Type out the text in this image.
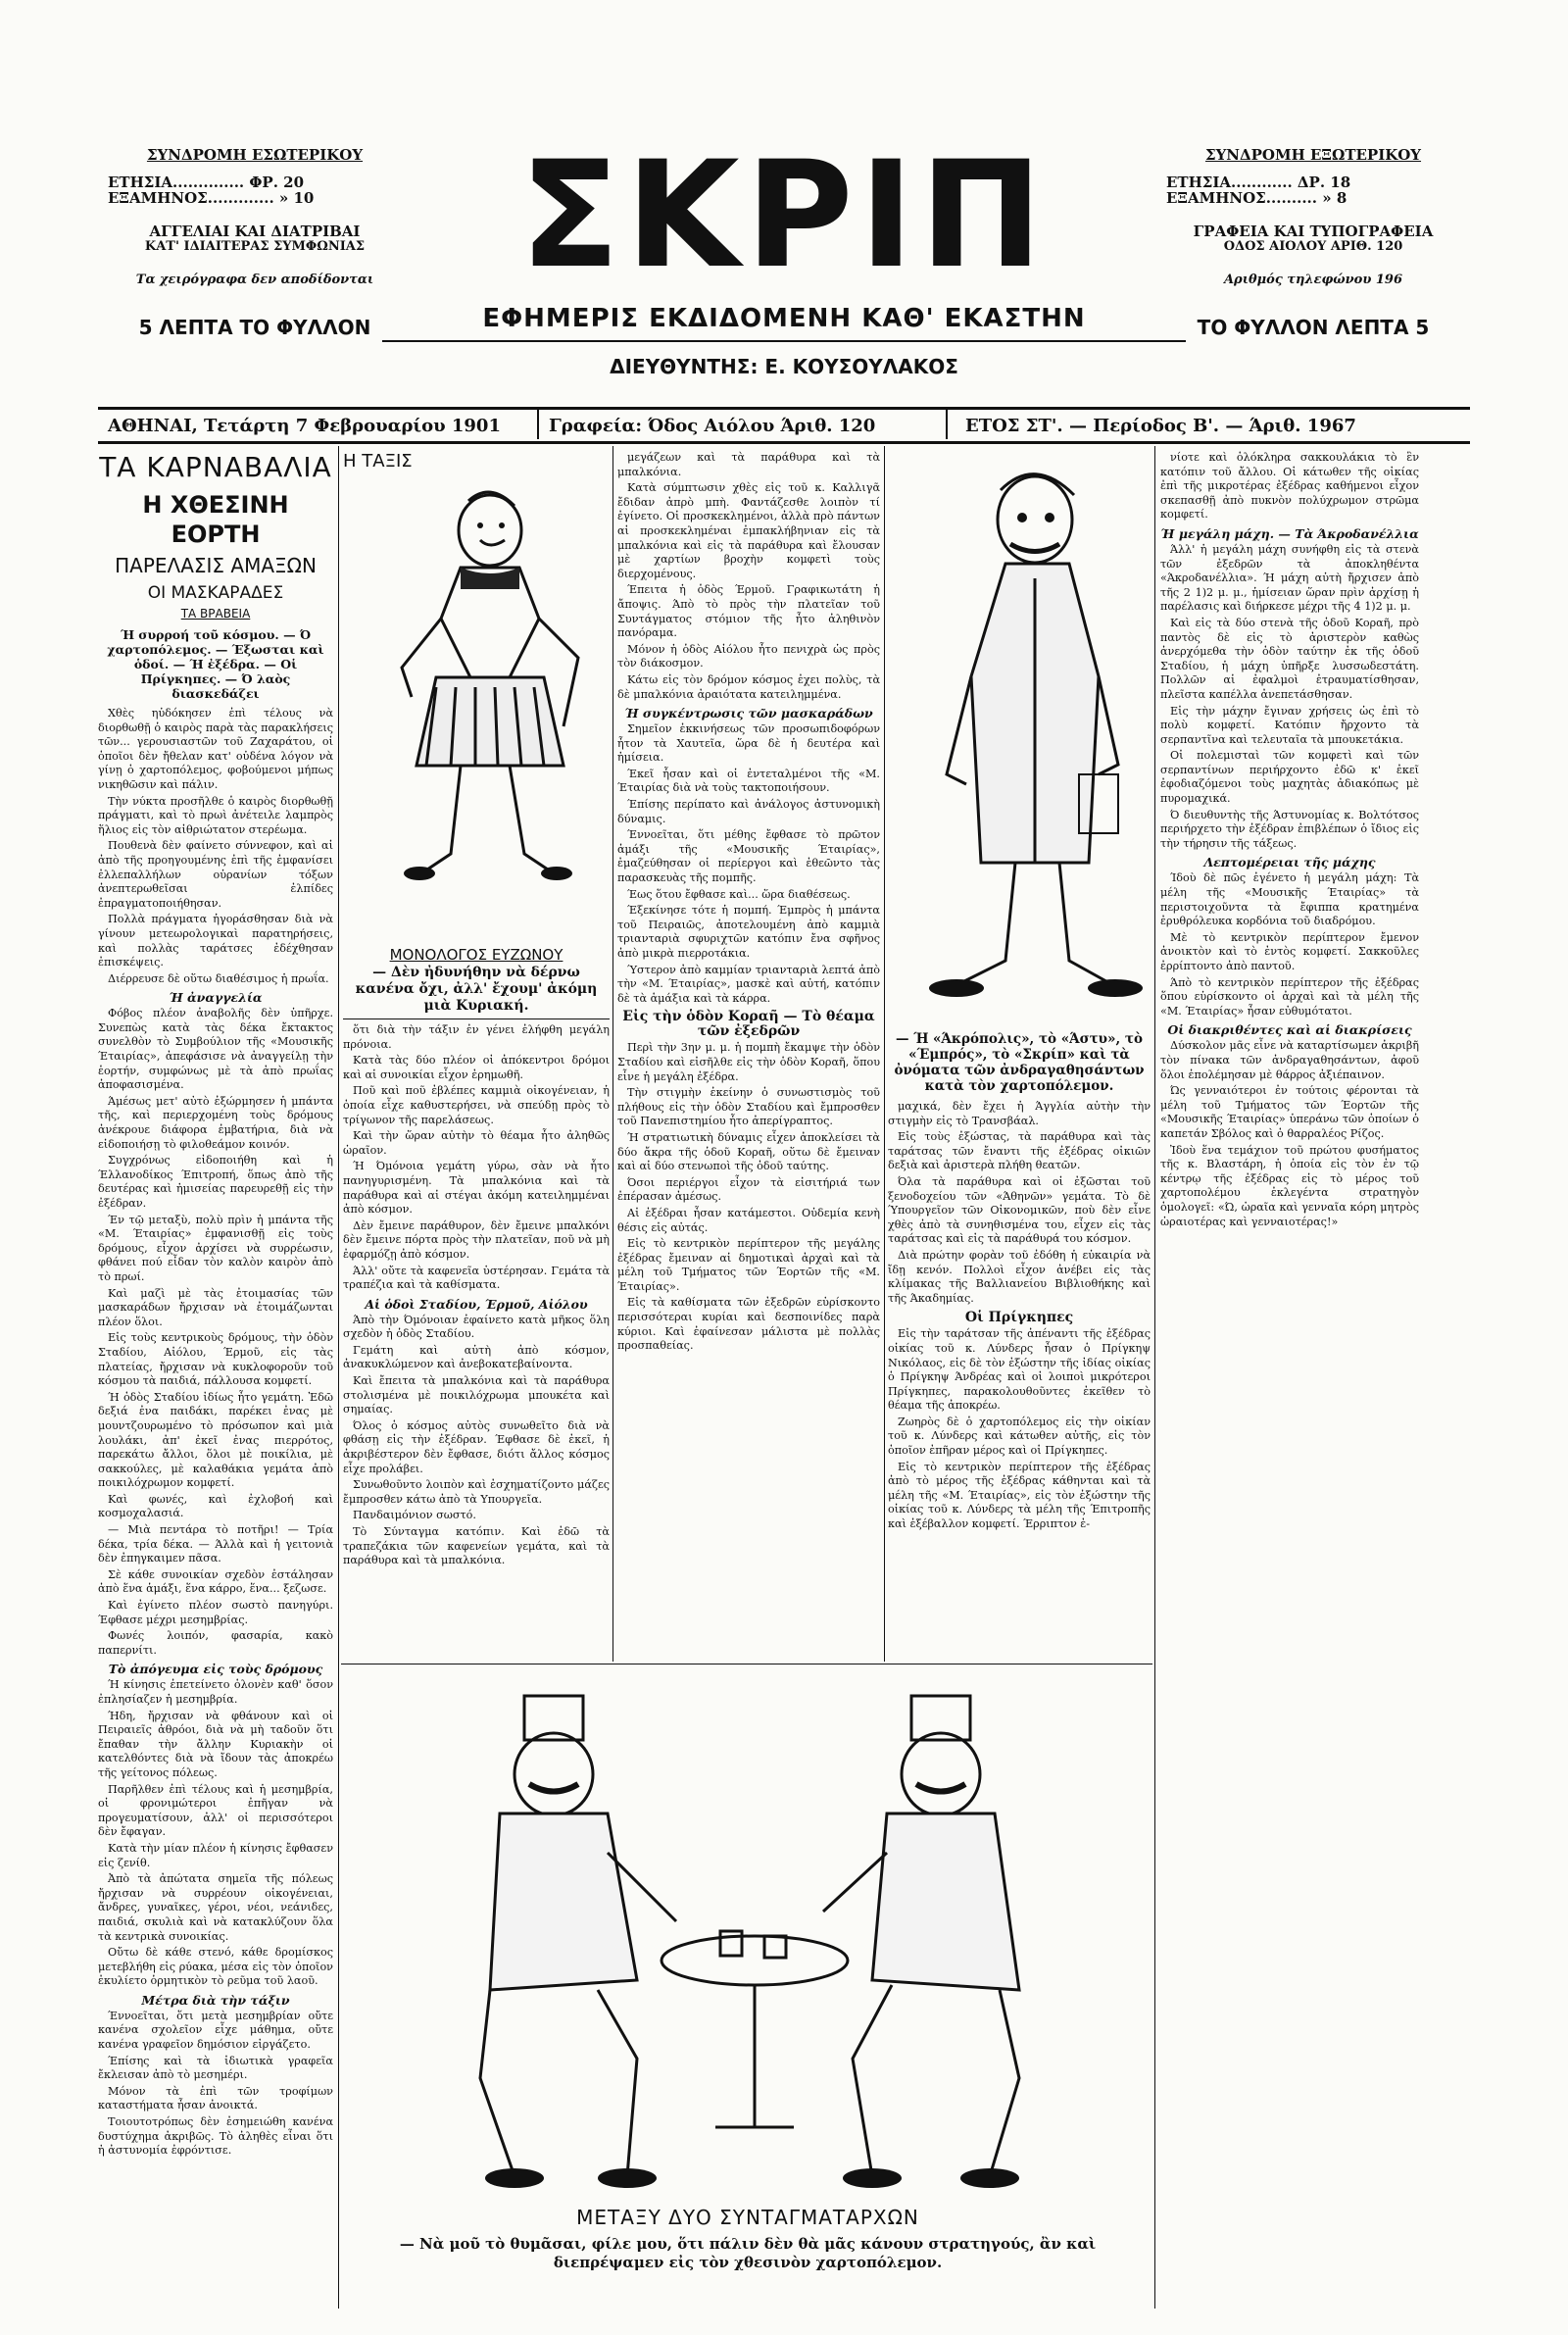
ΣΥΝΔΡΟΜΗ ΕΣΩΤΕΡΙΚΟΥ
ΕΤΗΣΙΑ.............. ΦΡ. 20
ΕΞΑΜΗΝΟΣ............. » 10
ΑΓΓΕΛΙΑΙ ΚΑΙ ΔΙΑΤΡΙΒΑΙ
ΚΑΤ' ΙΔΙΑΙΤΕΡΑΣ ΣΥΜΦΩΝΙΑΣ
Τα χειρόγραφα δεν αποδίδονται
5 ΛΕΠΤΑ ΤΟ ΦΥΛΛΟΝ
ΣΚΡΙΠ
ΕΦΗΜΕΡΙΣ ΕΚΔΙΔΟΜΕΝΗ ΚΑΘ' ΕΚΑΣΤΗΝ
ΔΙΕΥΘΥΝΤΗΣ: Ε. ΚΟΥΣΟΥΛΑΚΟΣ
ΣΥΝΔΡΟΜΗ ΕΞΩΤΕΡΙΚΟΥ
ΕΤΗΣΙΑ............ ΔΡ. 18
ΕΞΑΜΗΝΟΣ.......... » 8
ΓΡΑΦΕΙΑ ΚΑΙ ΤΥΠΟΓΡΑΦΕΙΑ
ΟΔΟΣ ΑΙΟΛΟΥ ΑΡΙΘ. 120
Αριθμός τηλεφώνου 196
ΤΟ ΦΥΛΛΟΝ ΛΕΠΤΑ 5
ΑΘΗΝΑΙ, Τετάρτη 7 Φεβρουαρίου 1901	Γραφεία: Όδος Αιόλου Άριθ. 120	ΕΤΟΣ ΣΤ'. — Περίοδος Β'. — Άριθ. 1967
ΤΑ ΚΑΡΝΑΒΑΛΙΑ
Η ΧΘΕΣΙΝΗ ΕΟΡΤΗ
ΠΑΡΕΛΑΣΙΣ ΑΜΑΞΩΝ
ΟΙ ΜΑΣΚΑΡΑΔΕΣ
ΤΑ ΒΡΑΒΕΙΑ
Ή συρροή τοῦ κόσμου. — Ό χαρτοπόλεμος. — Έξωσται καὶ ὁδοί. — Ή ἐξέδρα. — Οἱ Πρίγκηπες. — Ό λαὸς διασκεδάζει

Χθὲς ηὐδόκησεν ἐπὶ τέλους νὰ διορθωθῇ ὁ καιρὸς παρὰ τὰς παρακλήσεις τῶν... γερουσιαστῶν τοῦ Ζαχαράτου, οἱ ὁποῖοι δὲν ἤθελαν κατ' οὐδένα λόγον νὰ γίνῃ ὁ χαρτοπόλεμος, φοβούμενοι μήπως νικηθῶσιν καὶ πάλιν.

Τὴν νύκτα προσῆλθε ὁ καιρὸς διορθωθῇ πράγματι, καὶ τὸ πρωὶ ἀνέτειλε λαμπρὸς ἥλιος εἰς τὸν αἰθριώτατον στερέωμα.

Πουθενὰ δὲν φαίνετο σύννεφον, καὶ αἱ ἀπὸ τῆς προηγουμένης ἐπὶ τῆς ἐμφανίσει ἐλλεπαλλήλων οὐρανίων τόξων ἀνεπτερωθεῖσαι ἐλπίδες ἐπραγματοποιήθησαν.

Πολλὰ πράγματα ἠγοράσθησαν διὰ νὰ γίνουν μετεωρολογικαὶ παρατηρήσεις, καὶ πολλὰς ταράτσες ἐδέχθησαν ἐπισκέψεις.

Διέρρευσε δὲ οὕτω διαθέσιμος ἡ πρωΐα.

Ή ἀναγγελία

Φόβος πλέον ἀναβολῆς δὲν ὑπῆρχε. Συνεπὼς κατὰ τὰς δέκα ἔκτακτος συνελθὸν τὸ Συμβούλιον τῆς «Μουσικῆς Έταιρίας», ἀπεφάσισε νὰ ἀναγγείλῃ τὴν ἑορτήν, συμφώνως μὲ τὰ ἀπὸ πρωΐας ἀποφασισμένα.

Άμέσως μετ' αὐτὸ ἐξώρμησεν ἡ μπάντα τῆς, καὶ περιερχομένη τοὺς δρόμους ἀνέκρουε διάφορα ἐμβατήρια, διὰ νὰ εἰδοποιήσῃ τὸ φιλοθεάμον κοινόν.

Συγχρόνως εἰδοποιήθη καὶ ἡ Έλλανοδίκος Έπιτροπή, ὅπως ἀπὸ τῆς δευτέρας καὶ ἡμισείας παρευρεθῇ εἰς τὴν ἐξέδραν.

Έν τῷ μεταξὺ, πολὺ πρὶν ἡ μπάντα τῆς «Μ. Έταιρίας» ἐμφανισθῇ εἰς τοὺς δρόμους, εἶχον ἀρχίσει νὰ συρρέωσιν, φθάνει πού εἶδαν τὸν καλὸν καιρὸν ἀπὸ τὸ πρωί.

Καὶ μαζὶ μὲ τὰς ἐτοιμασίας τῶν μασκαράδων ἤρχισαν νὰ ἐτοιμάζωνται πλέον ὅλοι.

Εἰς τοὺς κεντρικοὺς δρόμους, τὴν ὁδὸν Σταδίου, Αἰόλου, Έρμοῦ, εἰς τὰς πλατείας, ἤρχισαν νὰ κυκλοφοροῦν τοῦ κόσμου τὰ παιδιά, πάλλουσα κομφετί.

Ή ὁδὸς Σταδίου ἰδίως ἦτο γεμάτη. Ἐδῶ δεξιά ἐνα παιδάκι, παρέκει ἐνας μὲ μουντζουρωμένο τὸ πρόσωπον καὶ μιὰ λουλάκι, ἀπ' ἐκεῖ ἐνας πιερρότος, παρεκάτω ἄλλοι, ὅλοι μὲ ποικίλια, μὲ σακκούλες, μὲ καλαθάκια γεμάτα ἀπὸ ποικιλόχρωμον κομφετί.

Καὶ φωνές, καὶ ἐχλοβοή καὶ κοσμοχαλασιά.

— Μιὰ πεντάρα τὸ ποτῆρι! — Τρία δέκα, τρία δέκα. — Άλλὰ καὶ ἡ γειτονιὰ δὲν ἐπηγκαιμεν πᾶσα.

Σὲ κάθε συνοικίαν σχεδὸν ἐστάλησαν ἀπὸ ἕνα ἁμάξι, ἕνα κάρρο, ἕνα... ξεζωσε.

Καὶ ἐγίνετο πλέον σωστὸ πανηγύρι. Έφθασε μέχρι μεσημβρίας.

Φωνές λοιπόν, φασαρία, κακὸ παπερνίτι.

Τὸ ἀπόγευμα εἰς τοὺς δρόμους

Ή κίνησις ἐπετείνετο ὁλονὲν καθ' ὅσον ἐπλησίαζεν ἡ μεσημβρία.

Ήδη, ἤρχισαν νὰ φθάνουν καὶ οἱ Πειραιεῖς ἀθρόοι, διὰ νὰ μὴ ταδοῦν ὅτι ἔπαθαν τὴν ἄλλην Κυριακὴν οἱ κατελθόντες διὰ νὰ ἴδουν τὰς ἀποκρέω τῆς γείτονος πόλεως.

Παρῆλθεν ἐπὶ τέλους καὶ ἡ μεσημβρία, οἱ φρονιμώτεροι ἐπῆγαν νὰ προγευματίσουν, ἀλλ' οἱ περισσότεροι δὲν ἔφαγαν.

Κατὰ τὴν μίαν πλέον ἡ κίνησις ἔφθασεν εἰς ζενίθ.

Ἀπὸ τὰ ἀπώτατα σημεῖα τῆς πόλεως ἤρχισαν νὰ συρρέουν οἰκογένειαι, ἄνδρες, γυναῖκες, γέροι, νέοι, νεάνιδες, παιδιά, σκυλιὰ καὶ νὰ κατακλύζουν ὅλα τὰ κεντρικὰ συνοικίας.

Οὔτω δὲ κάθε στενό, κάθε δρομίσκος μετεβλήθη εἰς ρύακα, μέσα εἰς τὸν ὁποῖον ἐκυλίετο ὁρμητικὸν τὸ ρεῦμα τοῦ λαοῦ.

Μέτρα διὰ τὴν τάξιν

Έννοεῖται, ὅτι μετὰ μεσημβρίαν οὔτε κανένα σχολεῖον εἶχε μάθημα, οὔτε κανένα γραφεῖον δημόσιον εἰργάζετο.

Έπίσης καὶ τὰ ἰδιωτικὰ γραφεῖα ἔκλεισαν ἀπὸ τὸ μεσημέρι.

Μόνον τὰ ἐπὶ τῶν τροφίμων καταστήματα ἦσαν ἀνοικτά.

Τοιουτοτρόπως δὲν ἐσημειώθη κανένα δυστύχημα ἀκριβῶς. Τὸ ἀληθὲς εἶναι ὅτι ἡ ἀστυνομία ἐφρόντισε.

Η ΤΑΞΙΣ
ΜΟΝΟΛΟΓΟΣ ΕΥΖΩΝΟΥ
— Δὲν ἠδυνήθην νὰ δέρνω κανένα ὄχι, ἀλλ' ἔχουμ' ἀκόμη μιὰ Κυριακή.

ὅτι διὰ τὴν τάξιν ἐν γένει ἐλήφθη μεγάλη πρόνοια.

Κατὰ τὰς δύο πλέον οἱ ἀπόκεντροι δρόμοι καὶ αἱ συνοικίαι εἶχον ἐρημωθῆ.

Ποῦ καὶ ποῦ ἐβλέπες καμμιὰ οἰκογένειαν, ἡ ὁποία εἶχε καθυστερήσει, νὰ σπεύδῃ πρὸς τὸ τρίγωνον τῆς παρελάσεως.

Καὶ τὴν ὥραν αὐτὴν τὸ θέαμα ἦτο ἀληθῶς ὡραῖον.

Ή Όμόνοια γεμάτη γύρω, σὰν νὰ ἦτο πανηγυρισμένη. Τὰ μπαλκόνια καὶ τὰ παράθυρα καὶ αἱ στέγαι ἀκόμη κατειλημμέναι ἀπὸ κόσμον.

Δὲν ἔμεινε παράθυρον, δὲν ἔμεινε μπαλκόνι δὲν ἔμεινε πόρτα πρὸς τὴν πλατεῖαν, ποῦ νὰ μὴ ἐφαρμόζῃ ἀπὸ κόσμον.

Άλλ' οὔτε τὰ καφενεῖα ὑστέρησαν. Γεμάτα τὰ τραπέζια καὶ τὰ καθίσματα.

Αἱ ὁδοὶ Σταδίου, Έρμοῦ, Αἰόλου

Άπὸ τὴν Όμόνοιαν ἐφαίνετο κατὰ μῆκος ὅλη σχεδὸν ἡ ὁδὸς Σταδίου.

Γεμάτη καὶ αὐτὴ ἀπὸ κόσμον, ἀνακυκλώμενον καὶ ἀνεβοκατεβαίνοντα.

Καὶ ἔπειτα τὰ μπαλκόνια καὶ τὰ παράθυρα στολισμένα μὲ ποικιλόχρωμα μπουκέτα καὶ σημαίας.

Όλος ὁ κόσμος αὐτὸς συνωθεῖτο διὰ νὰ φθάσῃ εἰς τὴν ἐξέδραν. Έφθασε δὲ ἐκεῖ, ἡ ἀκριβέστερον δὲν ἔφθασε, διότι ἄλλος κόσμος εἶχε προλάβει.

Συνωθοῦντο λοιπὸν καὶ ἐσχηματίζοντο μάζες ἔμπροσθεν κάτω ἀπὸ τὰ Υπουργεῖα.

Πανδαιμόνιον σωστό.

Τὸ Σύνταγμα κατόπιν. Καὶ ἐδῶ τὰ τραπεζάκια τῶν καφενείων γεμάτα, καὶ τὰ παράθυρα καὶ τὰ μπαλκόνια.

μεγάζεων καὶ τὰ παράθυρα καὶ τὰ μπαλκόνια.

Κατὰ σύμπτωσιν χθὲς εἰς τοῦ κ. Καλλιγᾶ ἔδιδαν ἀπρὸ μπὴ. Φαντάζεσθε λοιπὸν τί ἐγίνετο. Οἱ προσκεκλημένοι, ἀλλὰ πρὸ πάντων αἱ προσκεκλημέναι ἐμπακλήβηνιαν εἰς τὰ μπαλκόνια καὶ εἰς τὰ παράθυρα καὶ ἔλουσαν μὲ χαρτίων βροχὴν κομφετὶ τοὺς διερχομένους.

Έπειτα ἡ ὁδὸς Έρμοῦ. Γραφικωτάτη ἡ ἄποψις. Άπὸ τὸ πρὸς τὴν πλατεῖαν τοῦ Συντάγματος στόμιον τῆς ἦτο ἀληθινὸν πανόραμα.

Μόνον ἡ ὁδὸς Αἰόλου ἦτο πενιχρὰ ὡς πρὸς τὸν διάκοσμον.

Κάτω εἰς τὸν δρόμον κόσμος ἐχει πολὺς, τὰ δὲ μπαλκόνια ἀραιότατα κατειλημμένα.

Ή συγκέντρωσις τῶν μασκαράδων

Σημεῖον ἐκκινήσεως τῶν προσωπιδοφόρων ἦτον τὰ Χαυτεῖα, ὥρα δὲ ἡ δευτέρα καὶ ἡμίσεια.

Έκεῖ ἦσαν καὶ οἱ ἐντεταλμένοι τῆς «Μ. Έταιρίας διὰ νὰ τοὺς τακτοποιήσουν.

Έπίσης περίπατο καὶ ἀνάλογος ἀστυνομικὴ δύναμις.

Έννοεῖται, ὅτι μέθης ἔφθασε τὸ πρῶτον ἁμάξι τῆς «Μουσικῆς Έταιρίας», ἐμαζεύθησαν οἱ περίεργοι καὶ ἐθεῶντο τὰς παρασκευὰς τῆς πομπῆς.

Έως ὅτου ἔφθασε καὶ... ὥρα διαθέσεως.

Έξεκίνησε τότε ἡ πομπή. Έμπρὸς ἡ μπάντα τοῦ Πειραιῶς, ἀποτελουμένη ἀπὸ καμμιὰ τριανταριὰ σφυριχτῶν κατόπιν ἔνα σφῆνος ἀπὸ μικρὰ πιερροτάκια.

Ύστερον ἀπὸ καμμίαν τριανταριὰ λεπτά ἀπὸ τὴν «Μ. Έταιρίας», μασκὲ καὶ αὐτή, κατόπιν δὲ τὰ ἁμάξια καὶ τὰ κάρρα.

Εἰς τὴν ὁδὸν Κοραῆ — Τὸ θέαμα τῶν ἐξεδρῶν

Περὶ τὴν 3ην μ. μ. ἡ πομπὴ ἔκαμψε τὴν ὁδὸν Σταδίου καὶ εἰσῆλθε εἰς τὴν ὁδὸν Κοραῆ, ὅπου εἶνε ἡ μεγάλη ἐξέδρα.

Τὴν στιγμὴν ἐκείνην ὁ συνωστισμὸς τοῦ πλήθους εἰς τὴν ὁδὸν Σταδίου καὶ ἔμπροσθεν τοῦ Πανεπιστημίου ἦτο ἀπερίγραπτος.

Ή στρατιωτικὴ δύναμις εἶχεν ἀποκλείσει τὰ δύο ἄκρα τῆς ὁδοῦ Κοραῆ, οὕτω δὲ ἔμειναν καὶ αἱ δύο στενωποὶ τῆς ὁδοῦ ταύτης.

Όσοι περιέργοι εἶχον τὰ εἰσιτήριά των ἐπέρασαν ἀμέσως.

Αἱ ἐξέδραι ἦσαν κατάμεστοι. Οὐδεμία κενὴ θέσις εἰς αὐτάς.

Εἰς τὸ κεντρικὸν περίπτερον τῆς μεγάλης ἐξέδρας ἔμειναν αἱ δημοτικαὶ ἀρχαὶ καὶ τὰ μέλη τοῦ Τμήματος τῶν Έορτῶν τῆς «Μ. Έταιρίας».

Εἰς τὰ καθίσματα τῶν ἐξεδρῶν εὑρίσκοντο περισσότεραι κυρίαι καὶ δεσποινίδες παρὰ κύριοι. Καὶ ἐφαίνεσαν μάλιστα μὲ πολλὰς προσπαθείας.

— Ή «Άκρόπολις», τὸ «Άστυ», τὸ «Έμπρός», τὸ «Σκρίπ» καὶ τὰ ὀνόματα τῶν ἀνδραγαθησάντων κατὰ τὸν χαρτοπόλεμον.

μαχικά, δὲν ἔχει ἡ Άγγλία αὐτὴν τὴν στιγμὴν εἰς τὸ Τρανσβάαλ.

Εἰς τοὺς ἐξώστας, τὰ παράθυρα καὶ τὰς ταράτσας τῶν ἔναντι τῆς ἐξέδρας οἰκιῶν δεξιὰ καὶ ἀριστερὰ πλήθη θεατῶν.

Όλα τὰ παράθυρα καὶ οἱ ἐξῶσται τοῦ ξενοδοχείου τῶν «Άθηνῶν» γεμάτα. Τὸ δὲ Ύπουργεῖον τῶν Οἰκονομικῶν, ποὺ δὲν εἶνε χθὲς ἀπὸ τὰ συνηθισμένα του, εἶχεν εἰς τὰς ταράτσας καὶ εἰς τὰ παράθυρά του κόσμον.

Διὰ πρώτην φορὰν τοῦ ἐδόθη ἡ εὐκαιρία νὰ ἴδῃ κενόν. Πολλοὶ εἶχον ἀνέβει εἰς τὰς κλίμακας τῆς Βαλλιανείου Βιβλιοθήκης καὶ τῆς Άκαδημίας.

Οἱ Πρίγκηπες

Εἰς τὴν ταράτσαν τῆς ἀπέναντι τῆς ἐξέδρας οἰκίας τοῦ κ. Λύνδερς ἦσαν ὁ Πρίγκηψ Νικόλαος, εἰς δὲ τὸν ἐξώστην τῆς ἰδίας οἰκίας ὁ Πρίγκηψ Άνδρέας καὶ οἱ λοιποὶ μικρότεροι Πρίγκηπες, παρακολουθοῦντες ἐκεῖθεν τὸ θέαμα τῆς ἀποκρέω.

Ζωηρὸς δὲ ὁ χαρτοπόλεμος εἰς τὴν οἰκίαν τοῦ κ. Λύνδερς καὶ κάτωθεν αὐτῆς, εἰς τὸν ὁποῖον ἐπῆραν μέρος καὶ οἱ Πρίγκηπες.

Εἰς τὸ κεντρικὸν περίπτερον τῆς ἐξέδρας ἀπὸ τὸ μέρος τῆς ἐξέδρας κάθηνται καὶ τὰ μέλη τῆς «Μ. Έταιρίας», εἰς τὸν ἐξώστην τῆς οἰκίας τοῦ κ. Λύνδερς τὰ μέλη τῆς Έπιτροπῆς καὶ ἐξέβαλλον κομφετί. Έρριπτον ἐ-

νίοτε καὶ ὁλόκληρα σακκουλάκια τὸ ἓν κατόπιν τοῦ ἄλλου. Οἱ κάτωθεν τῆς οἰκίας ἐπὶ τῆς μικροτέρας ἐξέδρας καθήμενοι εἶχον σκεπασθῇ ἀπὸ πυκνὸν πολύχρωμον στρῶμα κομφετί.

Ή μεγάλη μάχη. — Τὰ Άκροδανέλλια

Άλλ' ἡ μεγάλη μάχη συνήφθη εἰς τὰ στενὰ τῶν ἐξεδρῶν τὰ ἀποκληθέντα «Άκροδανέλλια». Ή μάχη αὐτὴ ἤρχισεν ἀπὸ τῆς 2 1)2 μ. μ., ἡμίσειαν ὥραν πρὶν ἀρχίσῃ ἡ παρέλασις καὶ διήρκεσε μέχρι τῆς 4 1)2 μ. μ.

Καὶ εἰς τὰ δύο στενὰ τῆς ὁδοῦ Κοραῆ, πρὸ παντὸς δὲ εἰς τὸ ἀριστερὸν καθὼς ἀνερχόμεθα τὴν ὁδὸν ταύτην ἐκ τῆς ὁδοῦ Σταδίου, ἡ μάχη ὑπῆρξε λυσσωδεστάτη. Πολλῶν αἱ ἐφαλμοὶ ἐτραυματίσθησαν, πλεῖστα καπέλλα ἀνεπετάσθησαν.

Εἰς τὴν μάχην ἔγιναν χρήσεις ὡς ἐπὶ τὸ πολὺ κομφετί. Κατόπιν ἤρχοντο τὰ σερπαντῖνα καὶ τελευταῖα τὰ μπουκετάκια.

Οἱ πολεμισταὶ τῶν κομφετὶ καὶ τῶν σερπαντίνων περιήρχοντο ἐδῶ κ' ἐκεῖ ἐφοδιαζόμενοι τοὺς μαχητὰς ἀδιακόπως μὲ πυρομαχικά.

Ό διευθυντὴς τῆς Άστυνομίας κ. Βολτότσος περιήρχετο τὴν ἐξέδραν ἐπιβλέπων ὁ ἴδιος εἰς τὴν τήρησιν τῆς τάξεως.

Λεπτομέρειαι τῆς μάχης

Ίδοὺ δὲ πῶς ἐγένετο ἡ μεγάλη μάχη: Τὰ μέλη τῆς «Μουσικῆς Έταιρίας» τὰ περιστοιχοῦντα τὰ ἔφιππα κρατημένα ἐρυθρόλευκα κορδόνια τοῦ διαδρόμου.

Μὲ τὸ κεντρικὸν περίπτερον ἔμενον ἀνοικτὸν καὶ τὸ ἐντὸς κομφετί. Σακκοῦλες ἐρρίπτοντο ἀπὸ παντοῦ.

Άπὸ τὸ κεντρικὸν περίπτερον τῆς ἐξέδρας ὅπου εὑρίσκοντο οἱ ἀρχαὶ καὶ τὰ μέλη τῆς «Μ. Έταιρίας» ἦσαν εὐθυμότατοι.

Οἱ διακριθέντες καὶ αἱ διακρίσεις

Δύσκολον μᾶς εἶνε νὰ καταρτίσωμεν ἀκριβῆ τὸν πίνακα τῶν ἀνδραγαθησάντων, ἀφοῦ ὅλοι ἐπολέμησαν μὲ θάρρος ἀξιέπαινον.

Ώς γενναιότεροι ἐν τούτοις φέρονται τὰ μέλη τοῦ Τμήματος τῶν Έορτῶν τῆς «Μουσικῆς Έταιρίας» ὑπεράνω τῶν ὁποίων ὁ καπετάν Σβόλος καὶ ὁ θαρραλέος Ρίζος.

Ἰδοὺ ἕνα τεμάχιον τοῦ πρώτου φυσήματος τῆς κ. Βλαστάρη, ἡ ὁποία εἰς τὸν ἐν τῷ κέντρῳ τῆς ἐξέδρας εἰς τὸ μέρος τοῦ χαρτοπολέμου ἐκλεγέντα στρατηγὸν ὁμολογεῖ: «Ώ, ὡραῖα καὶ γενναῖα κόρη μητρὸς ὡραιοτέρας καὶ γενναιοτέρας!»

ΜΕΤΑΞΥ ΔΥΟ ΣΥΝΤΑΓΜΑΤΑΡΧΩΝ
— Νὰ μοῦ τὸ θυμᾶσαι, φίλε μου, ὅτι πάλιν δὲν θὰ μᾶς κάνουν στρατηγούς, ἂν καὶ διεπρέψαμεν εἰς τὸν χθεσινὸν χαρτοπόλεμον.
